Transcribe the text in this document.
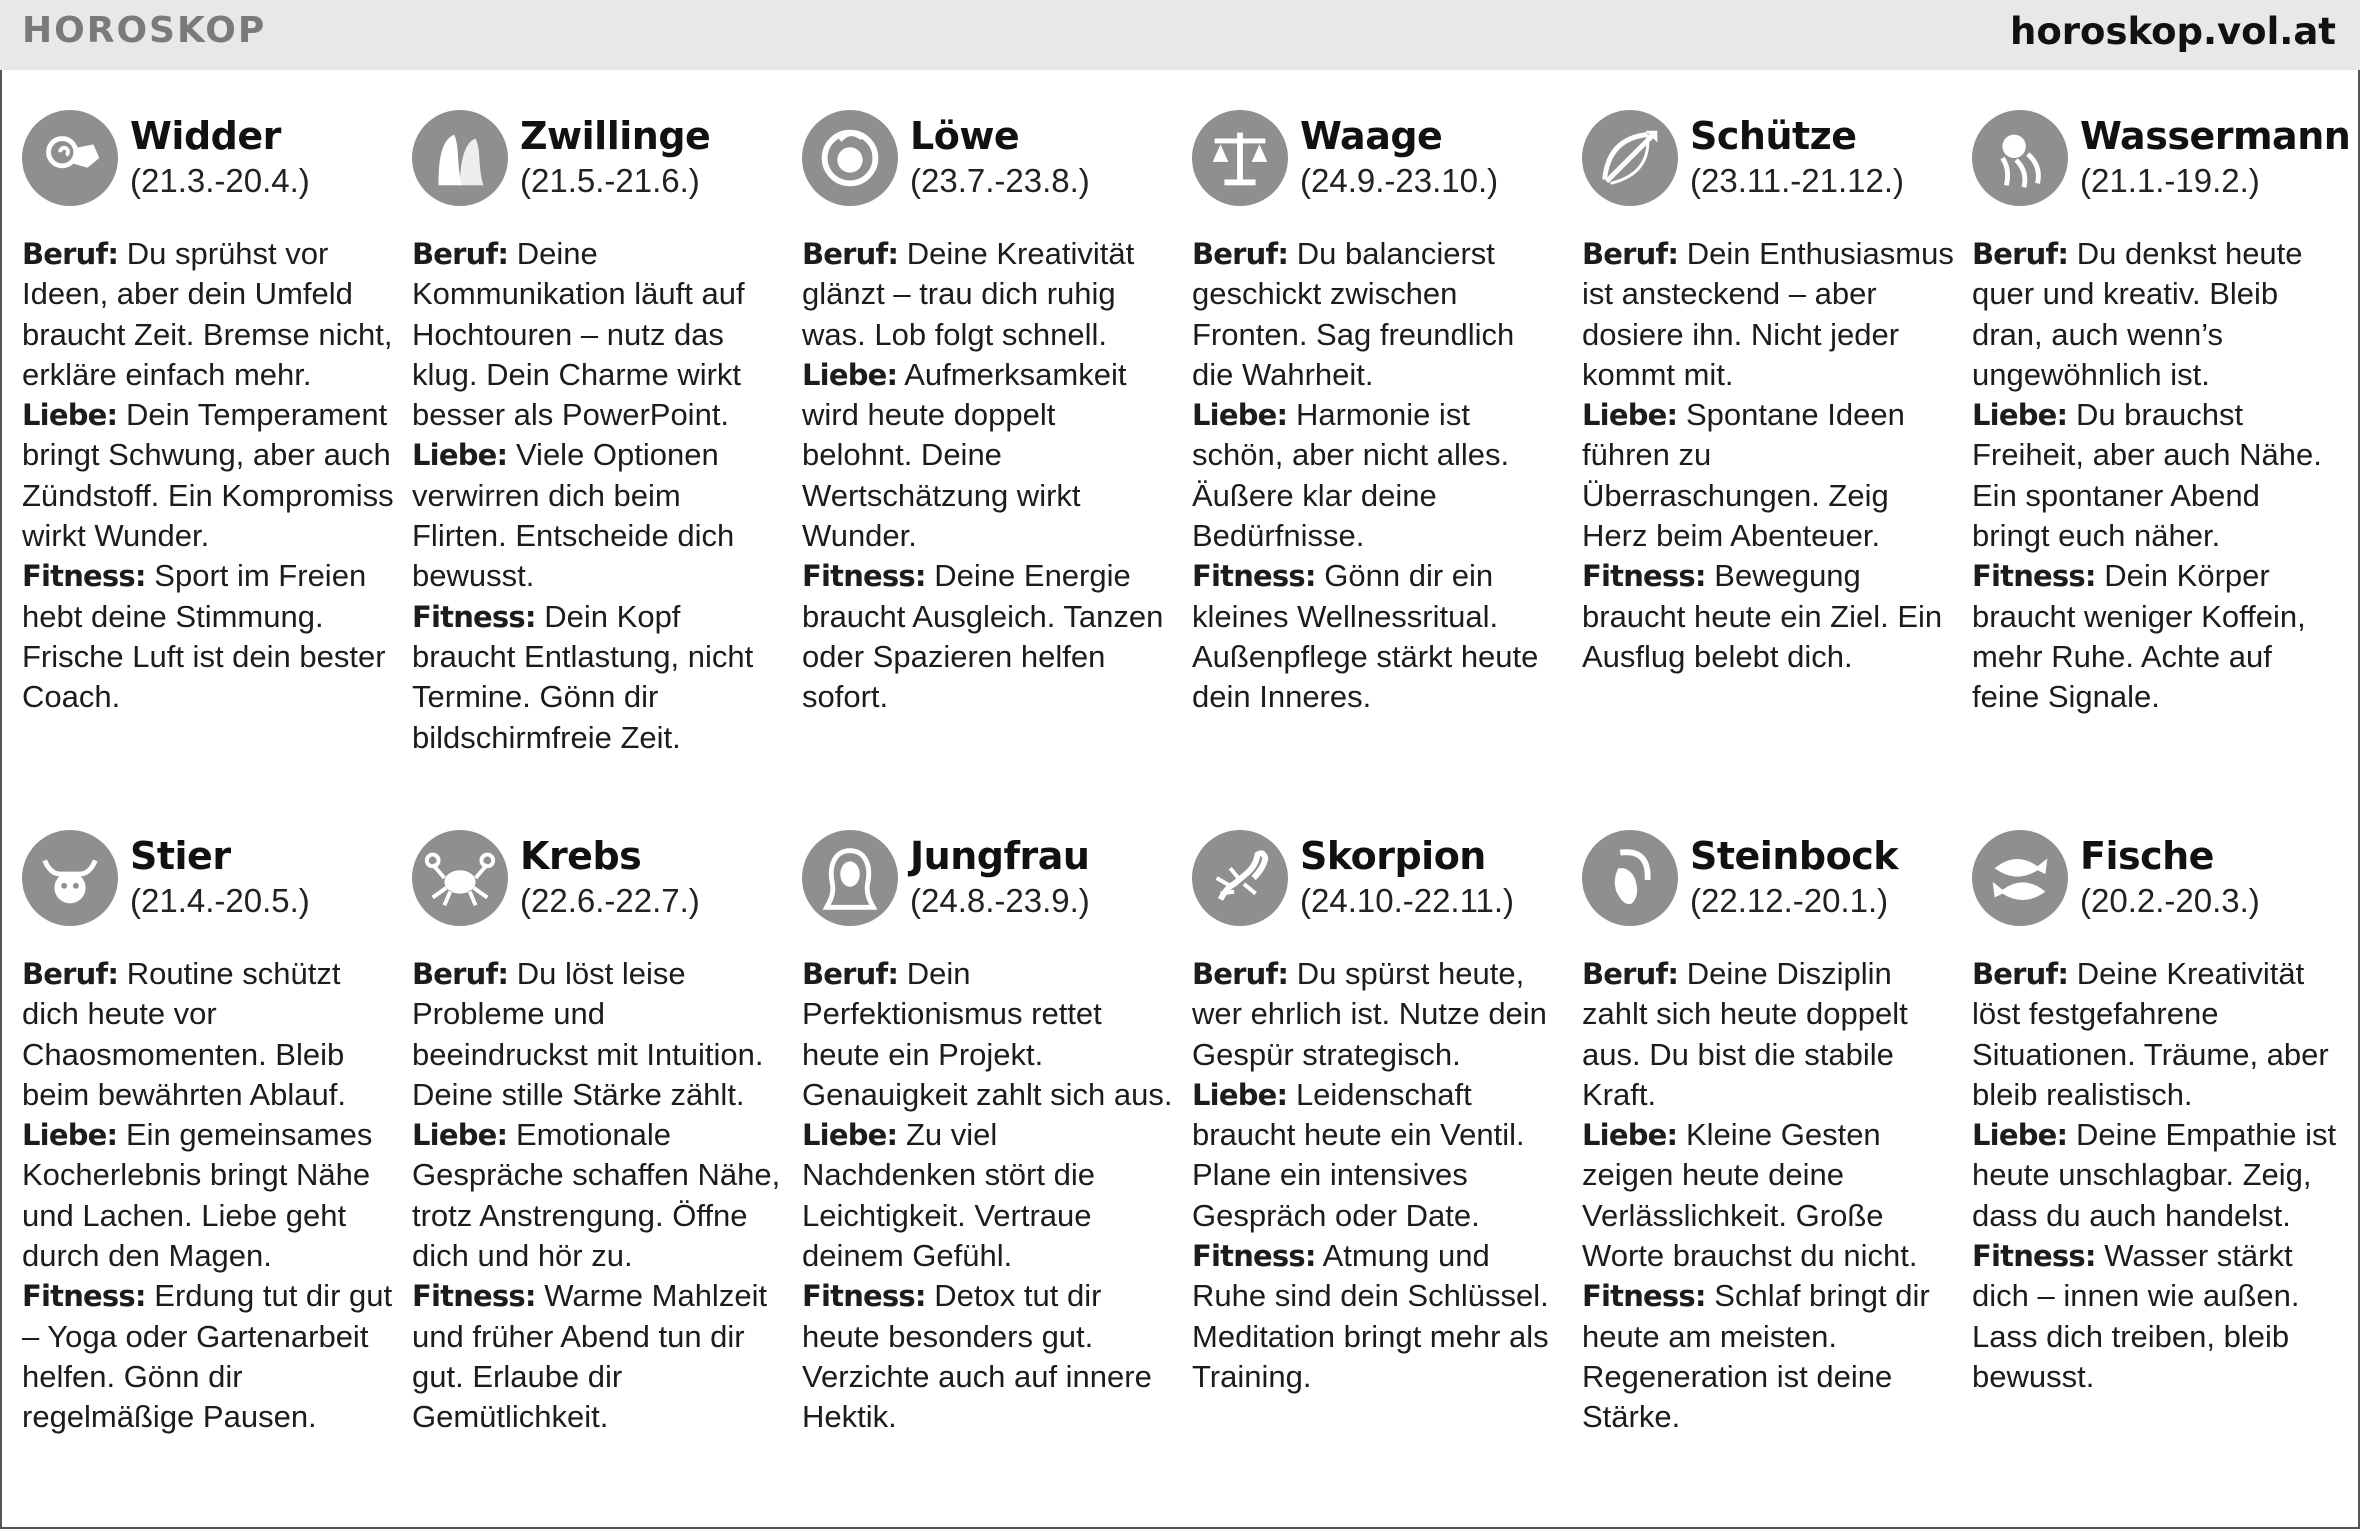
HOROSKOP	horoskop.vol.at
Widder
(21.3.-20.4.)
Beruf: Du sprühst vor Ideen, aber dein Umfeld braucht Zeit. Bremse nicht, erkläre einfach mehr.
Liebe: Dein Temperament bringt Schwung, aber auch Zündstoff. Ein Kompromiss wirkt Wunder.
Fitness: Sport im Freien hebt deine Stimmung. Frische Luft ist dein bester Coach.
Zwillinge
(21.5.-21.6.)
Beruf: Deine Kommunikation läuft auf Hochtouren – nutz das klug. Dein Charme wirkt besser als PowerPoint.
Liebe: Viele Optionen verwirren dich beim Flirten. Entscheide dich bewusst.
Fitness: Dein Kopf braucht Entlastung, nicht Termine. Gönn dir bildschirmfreie Zeit.
Löwe
(23.7.-23.8.)
Beruf: Deine Kreativität glänzt – trau dich ruhig was. Lob folgt schnell.
Liebe: Aufmerksamkeit wird heute doppelt belohnt. Deine Wertschätzung wirkt Wunder.
Fitness: Deine Energie braucht Ausgleich. Tanzen oder Spazieren helfen sofort.
Waage
(24.9.-23.10.)
Beruf: Du balancierst geschickt zwischen Fronten. Sag freundlich die Wahrheit.
Liebe: Harmonie ist schön, aber nicht alles. Äußere klar deine Bedürfnisse.
Fitness: Gönn dir ein kleines Wellnessritual. Außenpflege stärkt heute dein Inneres.
Schütze
(23.11.-21.12.)
Beruf: Dein Enthusiasmus ist ansteckend – aber dosiere ihn. Nicht jeder kommt mit.
Liebe: Spontane Ideen führen zu Überraschungen. Zeig Herz beim Abenteuer.
Fitness: Bewegung braucht heute ein Ziel. Ein Ausflug belebt dich.
Wassermann
(21.1.-19.2.)
Beruf: Du denkst heute quer und kreativ. Bleib dran, auch wenn’s ungewöhnlich ist.
Liebe: Du brauchst Freiheit, aber auch Nähe. Ein spontaner Abend bringt euch näher.
Fitness: Dein Körper braucht weniger Koffein, mehr Ruhe. Achte auf feine Signale.
Stier
(21.4.-20.5.)
Beruf: Routine schützt dich heute vor Chaosmomenten. Bleib beim bewährten Ablauf.
Liebe: Ein gemeinsames Kocherlebnis bringt Nähe und Lachen. Liebe geht durch den Magen.
Fitness: Erdung tut dir gut – Yoga oder Gartenarbeit helfen. Gönn dir regelmäßige Pausen.
Krebs
(22.6.-22.7.)
Beruf: Du löst leise Probleme und beeindruckst mit Intuition. Deine stille Stärke zählt.
Liebe: Emotionale Gespräche schaffen Nähe, trotz Anstrengung. Öffne dich und hör zu.
Fitness: Warme Mahlzeit und früher Abend tun dir gut. Erlaube dir Gemütlichkeit.
Jungfrau
(24.8.-23.9.)
Beruf: Dein Perfektionismus rettet heute ein Projekt. Genauigkeit zahlt sich aus.
Liebe: Zu viel Nachdenken stört die Leichtigkeit. Vertraue deinem Gefühl.
Fitness: Detox tut dir heute besonders gut. Verzichte auch auf innere Hektik.
Skorpion
(24.10.-22.11.)
Beruf: Du spürst heute, wer ehrlich ist. Nutze dein Gespür strategisch.
Liebe: Leidenschaft braucht heute ein Ventil. Plane ein intensives Gespräch oder Date.
Fitness: Atmung und Ruhe sind dein Schlüssel. Meditation bringt mehr als Training.
Steinbock
(22.12.-20.1.)
Beruf: Deine Disziplin zahlt sich heute doppelt aus. Du bist die stabile Kraft.
Liebe: Kleine Gesten zeigen heute deine Verlässlichkeit. Große Worte brauchst du nicht.
Fitness: Schlaf bringt dir heute am meisten. Regeneration ist deine Stärke.
Fische
(20.2.-20.3.)
Beruf: Deine Kreativität löst festgefahrene Situationen. Träume, aber bleib realistisch.
Liebe: Deine Empathie ist heute unschlagbar. Zeig, dass du auch handelst.
Fitness: Wasser stärkt dich – innen wie außen. Lass dich treiben, bleib bewusst.
